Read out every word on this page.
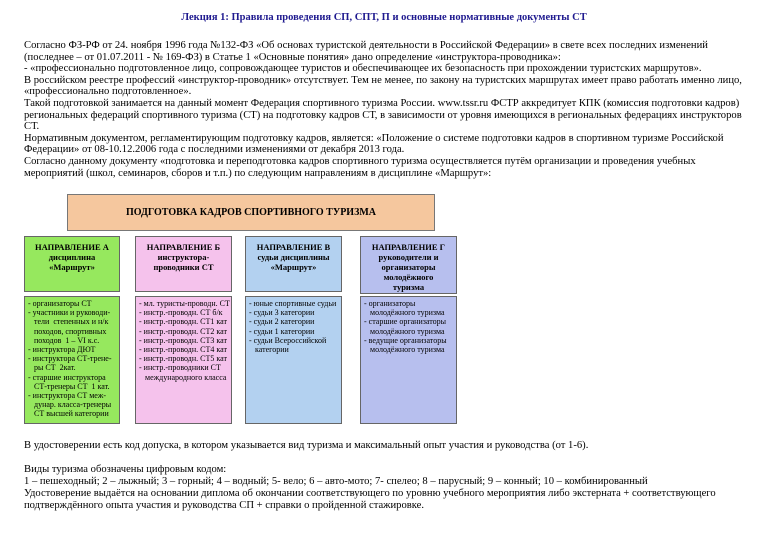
Лекция 1: Правила проведения СП, СПТ, П и основные нормативные документы СТ

Согласно ФЗ-РФ от 24. ноября 1996 года №132-ФЗ «Об основах туристской деятельности в Российской Федерации» в свете всех последних изменений (последнее – от 01.07.2011 - № 169-ФЗ) в Статье 1 «Основные понятия» дано определение «инструктора-проводника»:

- «профессионально подготовленное лицо, сопровождающее туристов и обеспечивающее их безопасность при прохождении туристских маршрутов».

В российском реестре профессий «инструктор-проводник» отсутствует. Тем не менее, по закону на туристских маршрутах имеет право работать именно лицо, «профессионально подготовленное».

Такой подготовкой занимается на данный момент Федерация спортивного туризма России. www.tssr.ru ФСТР аккредитует КПК (комиссия подготовки кадров) региональных федераций спортивного туризма (СТ) на подготовку кадров СТ, в зависимости от уровня имеющихся в региональных федерациях инструкторов СТ.

Нормативным документом, регламентирующим подготовку кадров, является: «Положение о системе подготовки кадров в спортивном туризме Российской Федерации» от 08-10.12.2006 года с последними изменениями от декабря 2013 года.

Согласно данному документу «подготовка и переподготовка кадров спортивного туризма осуществляется путём организации и проведения учебных мероприятий (школ, семинаров, сборов и т.п.) по следующим направлениям в дисциплине «Маршрут»:

ПОДГОТОВКА КАДРОВ СПОРТИВНОГО ТУРИЗМА
НАПРАВЛЕНИЕ А
дисциплина
«Маршрут»
НАПРАВЛЕНИЕ Б
инструктора-
проводники СТ
НАПРАВЛЕНИЕ В
судьи дисциплины
«Маршрут»
НАПРАВЛЕНИЕ Г
руководители и
организаторы
молодёжного
туризма
- организаторы СТ
- участники и руководи-
тели  степенных и н/к
походов, спортивных
походов  1 – VI к.с.
- инструктора ДЮТ
- инструктора СТ-трене-
ры СТ  2кат.
- старшие инструктора
СТ-тренеры СТ  1 кат.
- инструктора СТ меж-
дунар. класса-тренеры
СТ высшей категории
- мл. туристы-проводн. СТ
- инстр.-проводн. СТ б/к
- инстр.-проводн. СТ1 кат
- инстр.-проводн. СТ2 кат
- инстр.-проводн. СТ3 кат
- инстр.-проводн. СТ4 кат
- инстр.-проводн. СТ5 кат
- инстр.-проводники СТ
международного класса
- юные спортивные судьи
- судьи 3 категории
- судьи 2 категории
- судьи 1 категории
- судьи Всероссийской
категории
- организаторы
молодёжного туризма
- старшие организаторы
молодёжного туризма
- ведущие организаторы
молодёжного туризма

В удостоверении есть код допуска, в котором указывается вид туризма и максимальный опыт участия и руководства (от 1-6).

Виды туризма обозначены цифровым кодом:

1 – пешеходный; 2 – лыжный; 3 – горный; 4 – водный; 5- вело; 6 – авто-мото; 7- спелео; 8 – парусный; 9 – конный; 10 – комбинированный

Удостоверение выдаётся на основании диплома об окончании соответствующего по уровню учебного мероприятия либо экстерната + соответствующего подтверждённого опыта участия и руководства СП + справки о пройденной стажировке.
